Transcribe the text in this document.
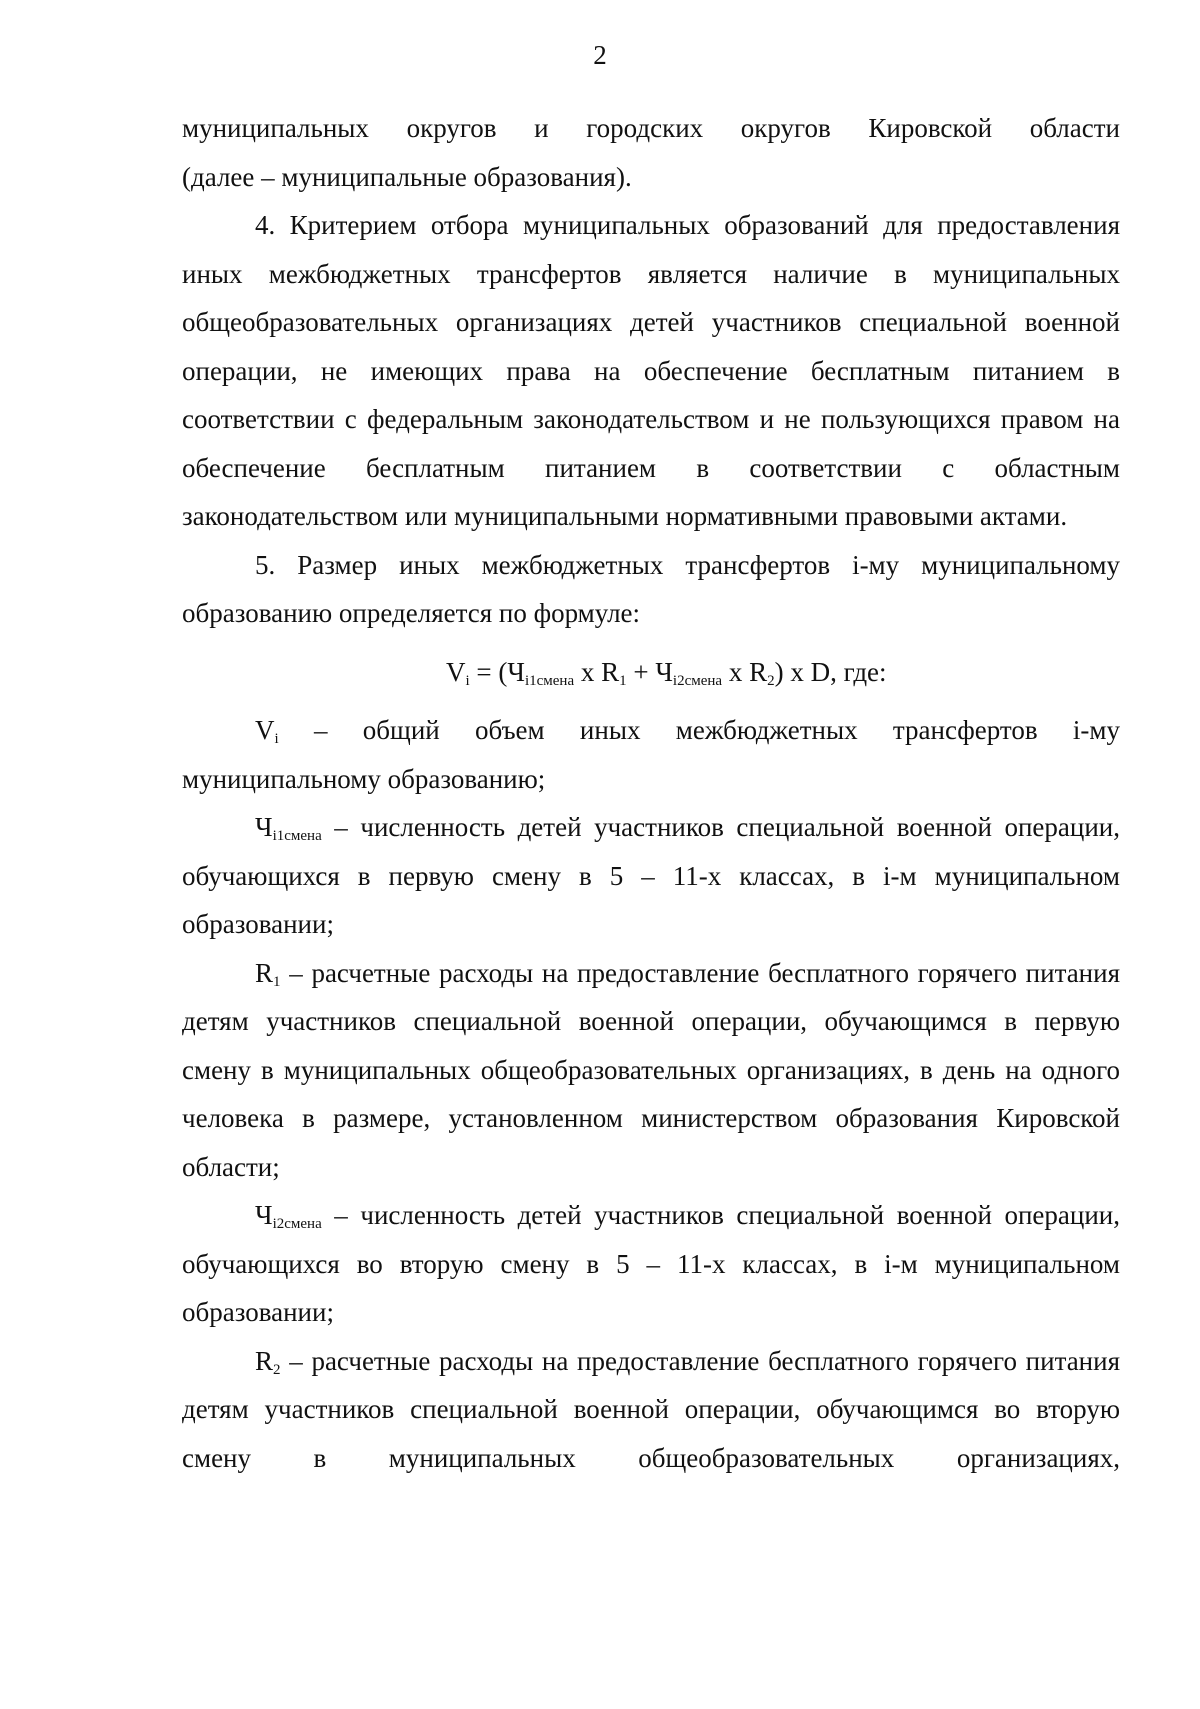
2

муниципальных округов и городских округов Кировской области

(далее – муниципальные образования).

4. Критерием отбора муниципальных образований для предоставления иных межбюджетных трансфертов является наличие в муниципальных общеобразовательных организациях детей участников специальной военной операции, не имеющих права на обеспечение бесплатным питанием в соответствии с федеральным законодательством и не пользующихся правом на обеспечение бесплатным питанием в соответствии с областным законодательством или муниципальными нормативными правовыми актами.

5. Размер иных межбюджетных трансфертов i-му муниципальному образованию определяется по формуле:

$V_i = (Ч_{i1смена}$ x $R_1 + Ч_{i2смена}$ x $R_2$) x D, где:

$V_i$ – общий объем иных межбюджетных трансфертов i-му муниципальному образованию;

$Ч_{i1смена}$ – численность детей участников специальной военной операции, обучающихся в первую смену в 5 – 11-х классах, в i-м муниципальном образовании;

$R_1$ – расчетные расходы на предоставление бесплатного горячего питания детям участников специальной военной операции, обучающимся в первую смену в муниципальных общеобразовательных организациях, в день на одного человека в размере, установленном министерством образования Кировской области;

$Ч_{i2смена}$ – численность детей участников специальной военной операции, обучающихся во вторую смену в 5 – 11-х классах, в i-м муниципальном образовании;

$R_2$ – расчетные расходы на предоставление бесплатного горячего питания детям участников специальной военной операции, обучающимся во вторую смену в муниципальных общеобразовательных организациях,
